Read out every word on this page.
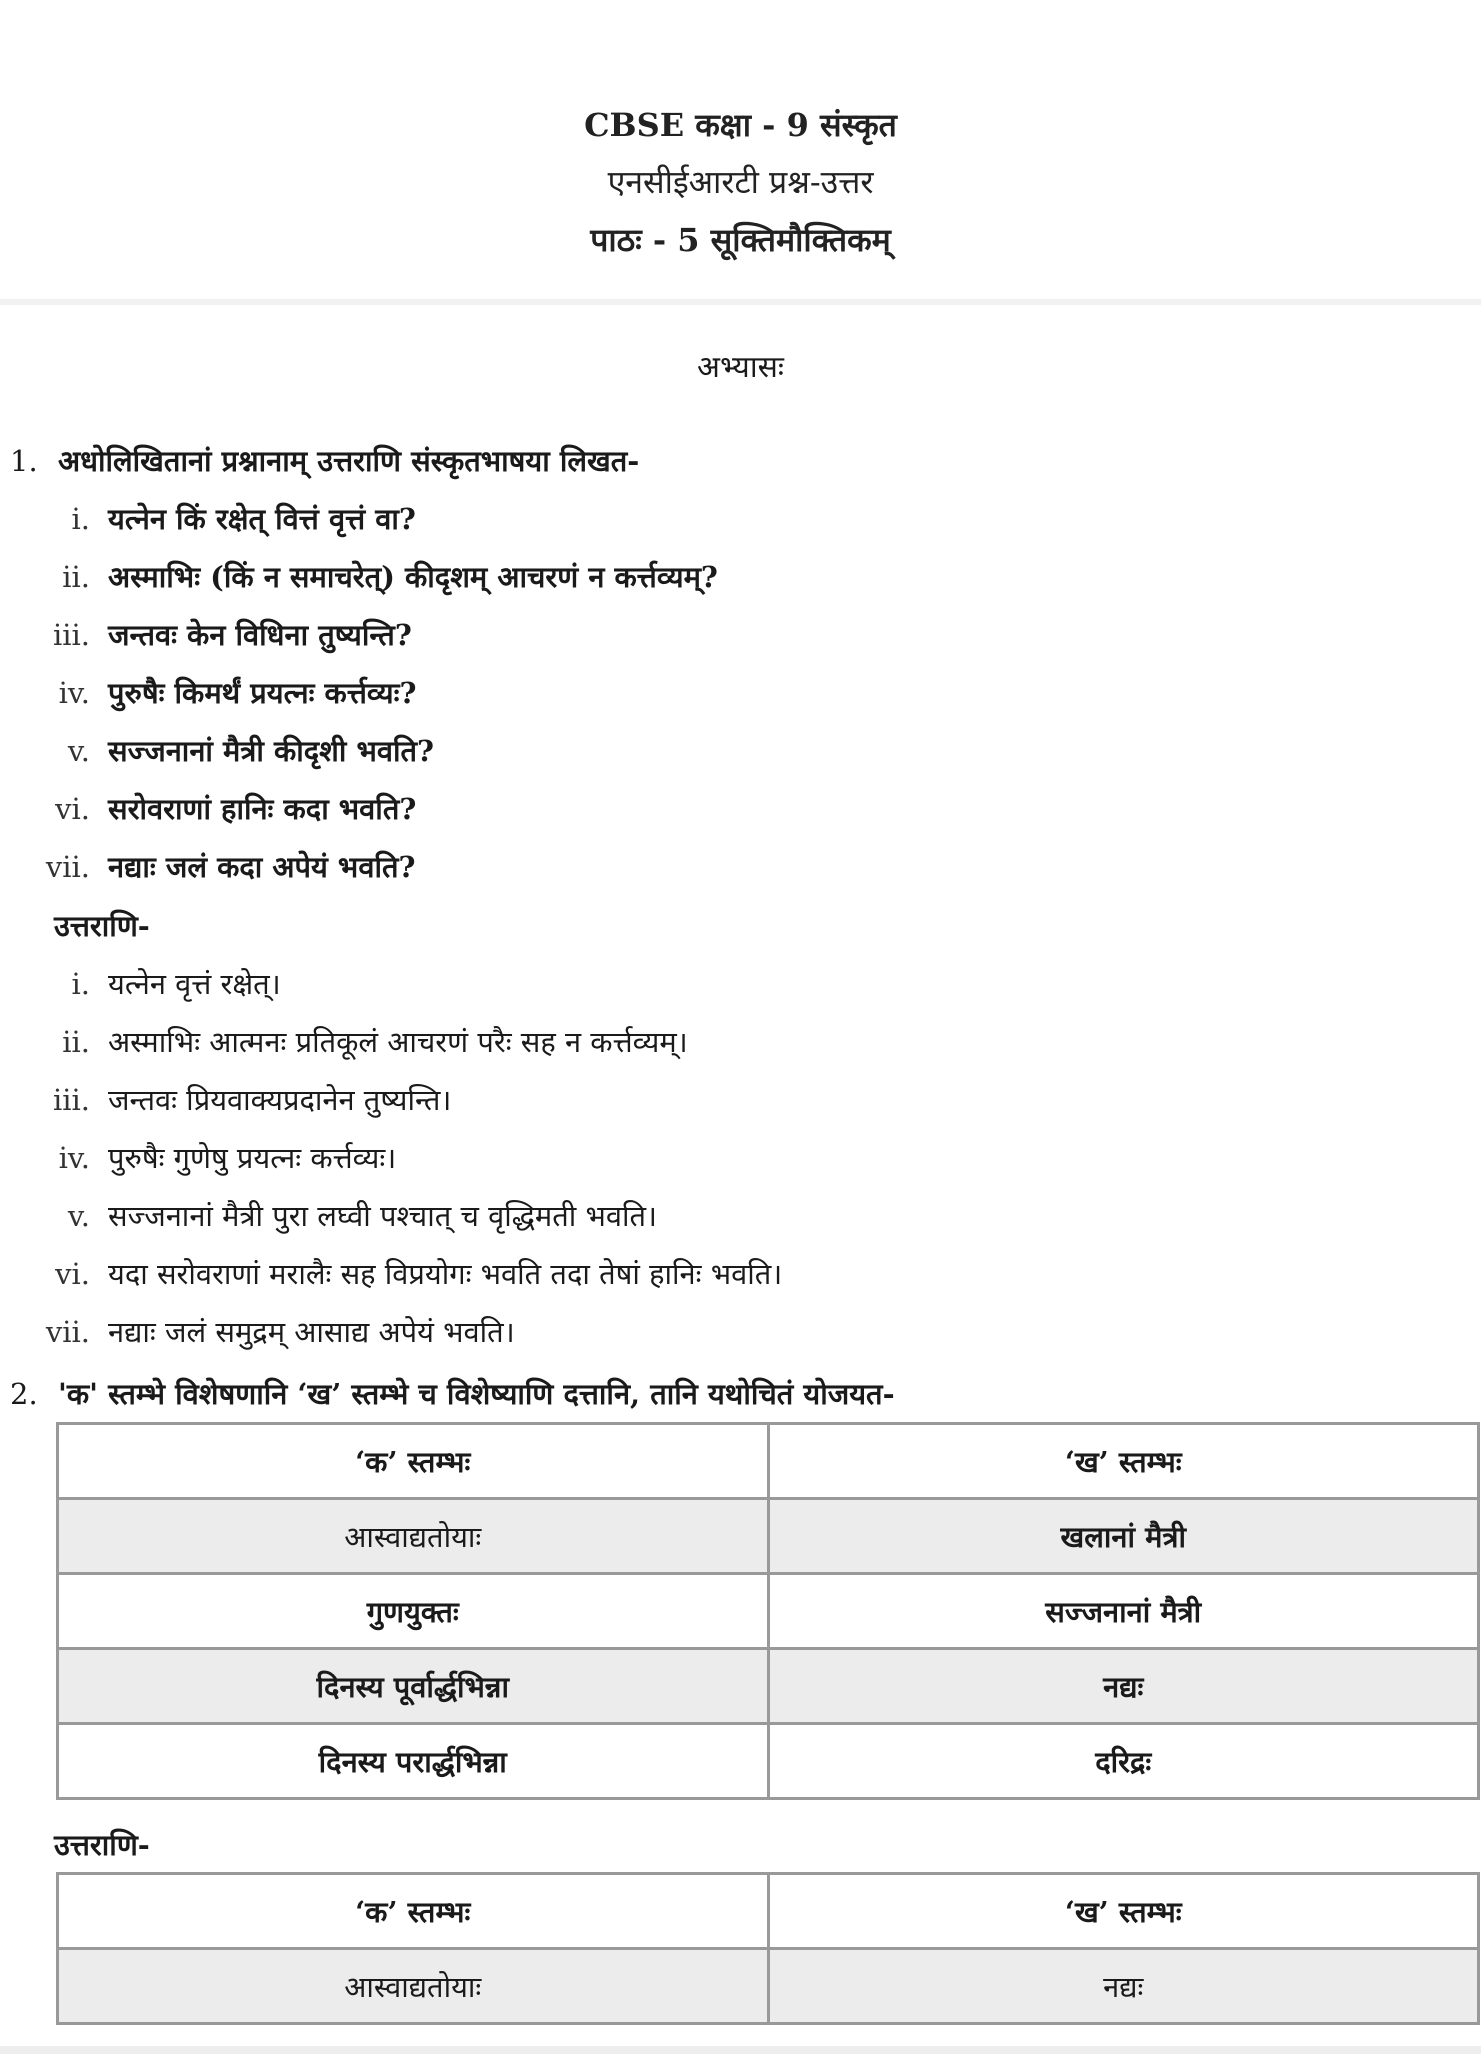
CBSE कक्षा - 9 संस्कृत
एनसीईआरटी प्रश्न-उत्तर
पाठः - 5 सूक्तिमौक्तिकम्
अभ्यासः
1. अधोलिखितानां प्रश्नानाम् उत्तराणि संस्कृतभाषया लिखत-
i. यत्नेन किं रक्षेत् वित्तं वृत्तं वा?
ii. अस्माभिः (किं न समाचरेत्) कीदृशम् आचरणं न कर्त्तव्यम्?
iii. जन्तवः केन विधिना तुष्यन्ति?
iv. पुरुषैः किमर्थं प्रयत्नः कर्त्तव्यः?
v. सज्जनानां मैत्री कीदृशी भवति?
vi. सरोवराणां हानिः कदा भवति?
vii. नद्याः जलं कदा अपेयं भवति?
उत्तराणि-
i. यत्नेन वृत्तं रक्षेत्।
ii. अस्माभिः आत्मनः प्रतिकूलं आचरणं परैः सह न कर्त्तव्यम्।
iii. जन्तवः प्रियवाक्यप्रदानेन तुष्यन्ति।
iv. पुरुषैः गुणेषु प्रयत्नः कर्त्तव्यः।
v. सज्जनानां मैत्री पुरा लघ्वी पश्चात् च वृद्धिमती भवति।
vi. यदा सरोवराणां मरालैः सह विप्रयोगः भवति तदा तेषां हानिः भवति।
vii. नद्याः जलं समुद्रम् आसाद्य अपेयं भवति।
2. 'क' स्तम्भे विशेषणानि ‘ख’ स्तम्भे च विशेष्याणि दत्तानि, तानि यथोचितं योजयत-
‘क’ स्तम्भः	‘ख’ स्तम्भः
आस्वाद्यतोयाः	खलानां मैत्री
गुणयुक्तः	सज्जनानां मैत्री
दिनस्य पूर्वार्द्धभिन्ना	नद्यः
दिनस्य परार्द्धभिन्ना	दरिद्रः
उत्तराणि-
‘क’ स्तम्भः	‘ख’ स्तम्भः
आस्वाद्यतोयाः	नद्यः
